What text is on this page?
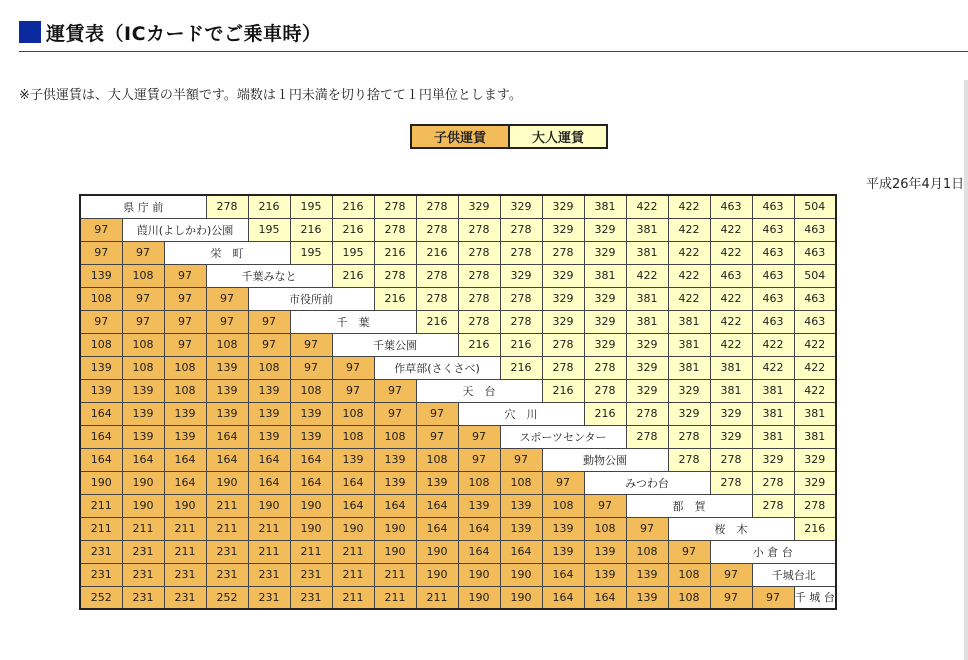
運賃表（ICカードでご乗車時）
※子供運賃は、大人運賃の半額です。端数は１円未満を切り捨てて１円単位とします。
子供運賃	大人運賃
平成26年4月1日
県 庁 前			278	216	195	216	278	278	329	329	329	381	422	422	463	463	504
97	葭川(よしかわ)公園			195	216	216	278	278	278	278	329	329	381	422	422	463	463
97	97	栄　町			195	195	216	216	278	278	278	329	381	422	422	463	463
139	108	97	千葉みなと			216	278	278	278	329	329	381	422	422	463	463	504
108	97	97	97	市役所前			216	278	278	278	329	329	381	422	422	463	463
97	97	97	97	97	千　葉			216	278	278	329	329	381	381	422	463	463
108	108	97	108	97	97	千葉公園			216	216	278	329	329	381	422	422	422
139	108	108	139	108	97	97	作草部(さくさべ)			216	278	278	329	381	381	422	422
139	139	108	139	139	108	97	97	天　台			216	278	329	329	381	381	422
164	139	139	139	139	139	108	97	97	穴　川			216	278	329	329	381	381
164	139	139	164	139	139	108	108	97	97	スポーツセンター			278	278	329	381	381
164	164	164	164	164	164	139	139	108	97	97	動物公園			278	278	329	329
190	190	164	190	164	164	164	139	139	108	108	97	みつわ台			278	278	329
211	190	190	211	190	190	164	164	164	139	139	108	97	都　賀			278	278
211	211	211	211	211	190	190	190	164	164	139	139	108	97	桜　木			216
231	231	211	231	211	211	211	190	190	164	164	139	139	108	97	小 倉 台		
231	231	231	231	231	231	211	211	190	190	190	164	139	139	108	97	千城台北	
252	231	231	252	231	231	211	211	211	190	190	164	164	139	108	97	97	千 城 台
